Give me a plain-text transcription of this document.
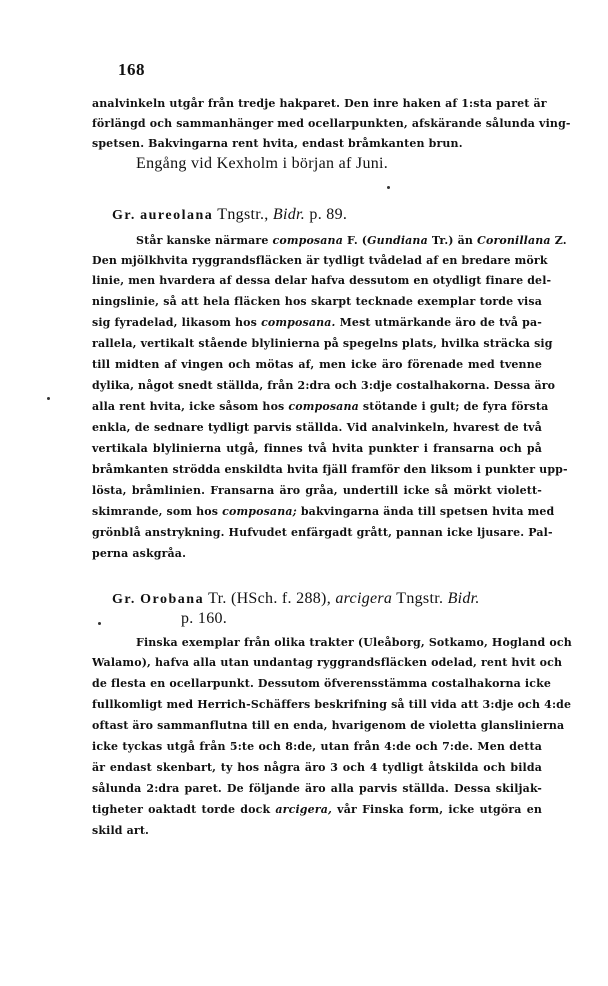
168
analvinkeln utgår från tredje hakparet. Den inre haken af 1:sta paret är
förlängd och sammanhänger med ocellarpunkten, afskärande sålunda ving-
spetsen. Bakvingarna rent hvita, endast bråmkanten brun.
Engång vid Kexholm i början af Juni.
Gr. aureolana Tngstr., Bidr. p. 89.
Står kanske närmare composana F. (Gundiana Tr.) än Coronillana Z.
Den mjölkhvita ryggrandsfläcken är tydligt tvådelad af en bredare mörk
linie, men hvardera af dessa delar hafva dessutom en otydligt finare del-
ningslinie, så att hela fläcken hos skarpt tecknade exemplar torde visa
sig fyradelad, likasom hos composana. Mest utmärkande äro de två pa-
rallela, vertikalt stående blylinierna på spegelns plats, hvilka sträcka sig
till midten af vingen och mötas af, men icke äro förenade med tvenne
dylika, något snedt ställda, från 2:dra och 3:dje costalhakorna. Dessa äro
alla rent hvita, icke såsom hos composana stötande i gult; de fyra första
enkla, de sednare tydligt parvis ställda. Vid analvinkeln, hvarest de två
vertikala blylinierna utgå, finnes två hvita punkter i fransarna och på
bråmkanten strödda enskildta hvita fjäll framför den liksom i punkter upp-
lösta, bråmlinien. Fransarna äro gråa, undertill icke så mörkt violett-
skimrande, som hos composana; bakvingarna ända till spetsen hvita med
grönblå anstrykning. Hufvudet enfärgadt grått, pannan icke ljusare. Pal-
perna askgråa.
Gr. Orobana Tr. (HSch. f. 288), arcigera Tngstr. Bidr.
p. 160.
Finska exemplar från olika trakter (Uleåborg, Sotkamo, Hogland och
Walamo), hafva alla utan undantag ryggrandsfläcken odelad, rent hvit och
de flesta en ocellarpunkt. Dessutom öfverensstämma costalhakorna icke
fullkomligt med Herrich-Schäffers beskrifning så till vida att 3:dje och 4:de
oftast äro sammanflutna till en enda, hvarigenom de violetta glanslinierna
icke tyckas utgå från 5:te och 8:de, utan från 4:de och 7:de. Men detta
är endast skenbart, ty hos några äro 3 och 4 tydligt åtskilda och bilda
sålunda 2:dra paret. De följande äro alla parvis ställda. Dessa skiljak-
tigheter oaktadt torde dock arcigera, vår Finska form, icke utgöra en
skild art.
